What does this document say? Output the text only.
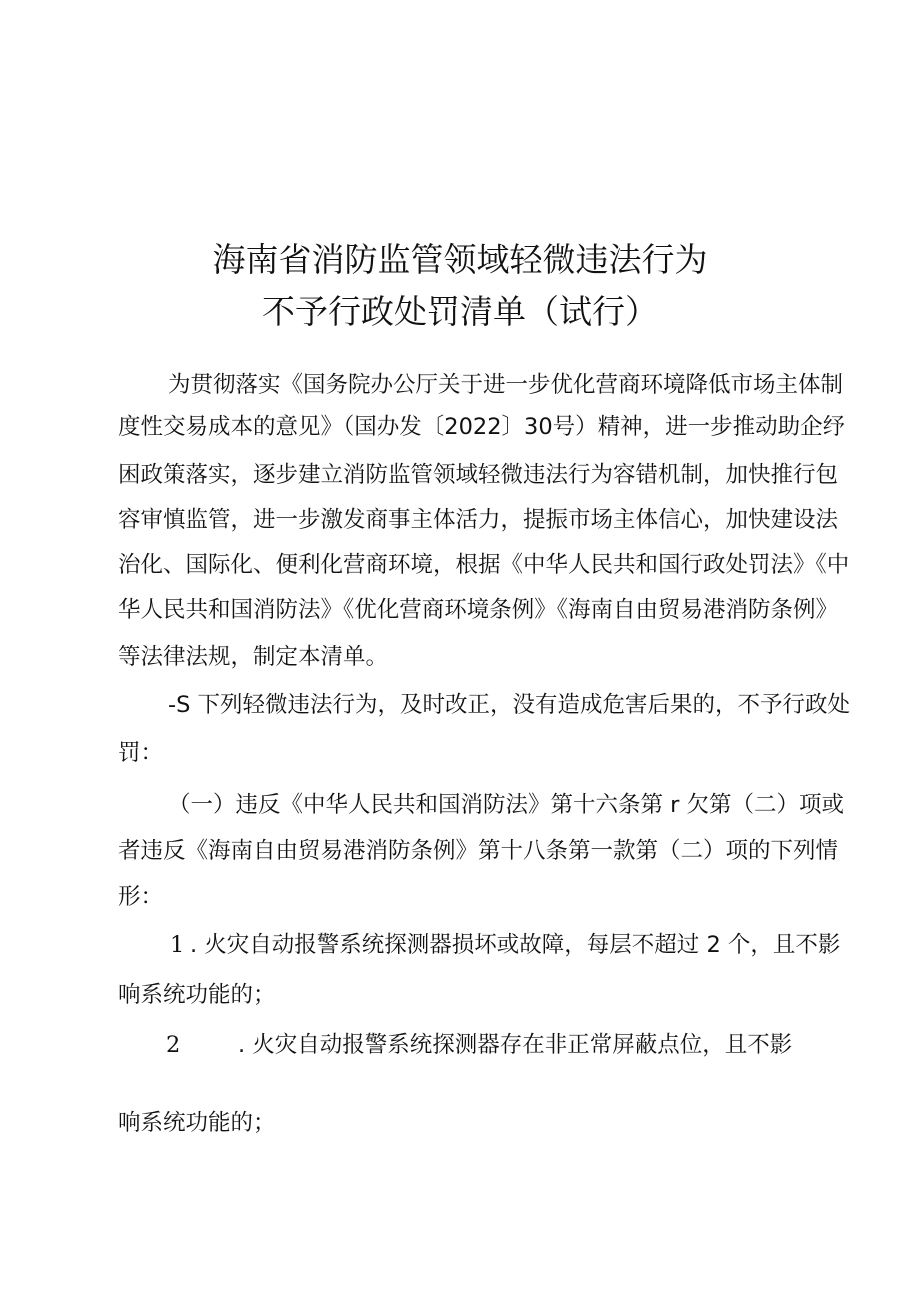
海南省消防监管领域轻微违法行为
不予行政处罚清单（试行）
为贯彻落实《国务院办公厅关于进一步优化营商环境降低市场主体制
度性交易成本的意见》（国办发〔2022〕30号）精神，进一步推动助企纾
困政策落实，逐步建立消防监管领域轻微违法行为容错机制，加快推行包
容审慎监管，进一步激发商事主体活力，提振市场主体信心，加快建设法
治化、国际化、便利化营商环境，根据《中华人民共和国行政处罚法》《中
华人民共和国消防法》《优化营商环境条例》《海南自由贸易港消防条例》
等法律法规，制定本清单。
-S 下列轻微违法行为，及时改正，没有造成危害后果的，不予行政处
罚：
（一）违反《中华人民共和国消防法》第十六条第 r 欠第（二）项或
者违反《海南自由贸易港消防条例》第十八条第一款第（二）项的下列情
形：
1 . 火灾自动报警系统探测器损坏或故障，每层不超过 2 个，且不影
响系统功能的；
2	. 火灾自动报警系统探测器存在非正常屏蔽点位，且不影
响系统功能的；
